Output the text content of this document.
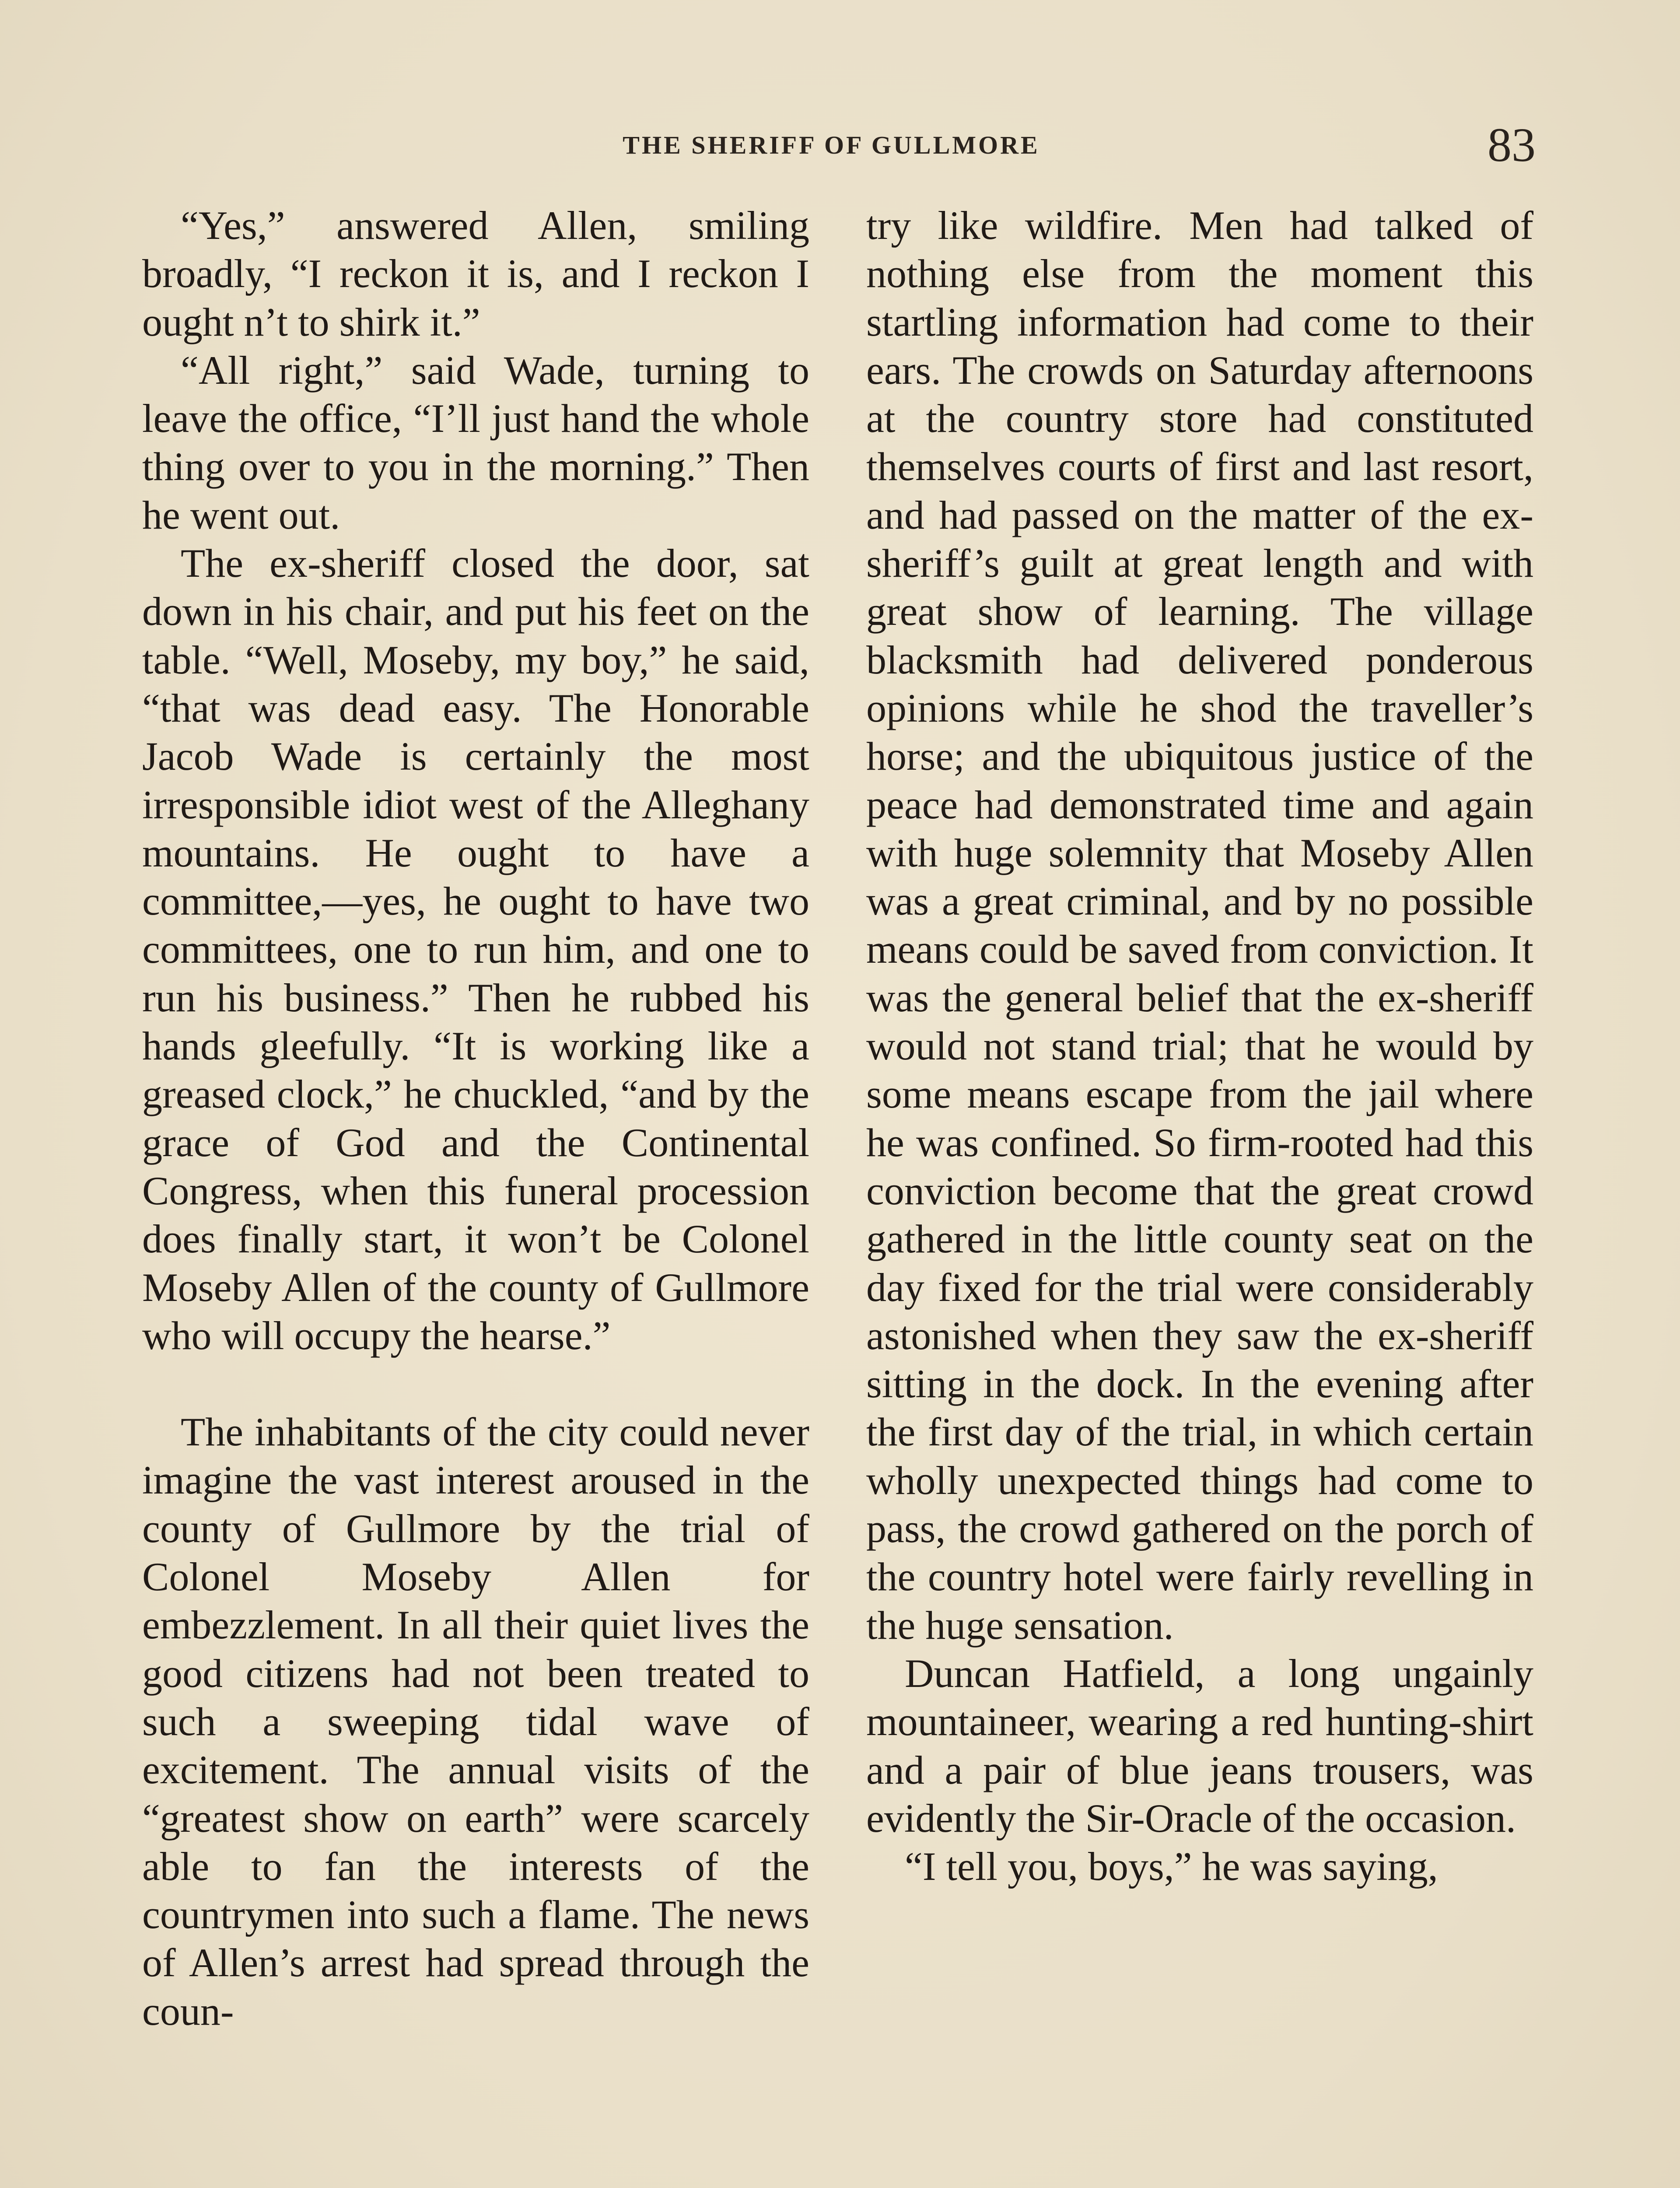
THE SHERIFF OF GULLMORE	83

“Yes,” answered Allen, smiling broadly, “I reckon it is, and I reckon I ought n’t to shirk it.”

“All right,” said Wade, turning to leave the office, “I’ll just hand the whole thing over to you in the morning.” Then he went out.

The ex-sheriff closed the door, sat down in his chair, and put his feet on the table. “Well, Moseby, my boy,” he said, “that was dead easy. The Honorable Jacob Wade is certainly the most irresponsible idiot west of the Alleghany mountains. He ought to have a committee,—yes, he ought to have two committees, one to run him, and one to run his business.” Then he rubbed his hands gleefully. “It is working like a greased clock,” he chuckled, “and by the grace of God and the Continental Congress, when this funeral procession does finally start, it won’t be Colonel Moseby Allen of the county of Gullmore who will occupy the hearse.”

The inhabitants of the city could never imagine the vast interest aroused in the county of Gullmore by the trial of Colonel Moseby Allen for embezzlement. In all their quiet lives the good citizens had not been treated to such a sweeping tidal wave of excitement. The annual visits of the “greatest show on earth” were scarcely able to fan the interests of the countrymen into such a flame. The news of Allen’s arrest had spread through the coun-

try like wildfire. Men had talked of nothing else from the moment this startling information had come to their ears. The crowds on Saturday afternoons at the country store had constituted themselves courts of first and last resort, and had passed on the matter of the ex-sheriff’s guilt at great length and with great show of learning. The village blacksmith had delivered ponderous opinions while he shod the traveller’s horse; and the ubiquitous justice of the peace had demonstrated time and again with huge solemnity that Moseby Allen was a great criminal, and by no possible means could be saved from conviction. It was the general belief that the ex-sheriff would not stand trial; that he would by some means escape from the jail where he was confined. So firm-rooted had this conviction become that the great crowd gathered in the little county seat on the day fixed for the trial were considerably astonished when they saw the ex-sheriff sitting in the dock. In the evening after the first day of the trial, in which certain wholly unexpected things had come to pass, the crowd gathered on the porch of the country hotel were fairly revelling in the huge sensation.

Duncan Hatfield, a long ungainly mountaineer, wearing a red hunting-shirt and a pair of blue jeans trousers, was evidently the Sir-Oracle of the occasion.

“I tell you, boys,” he was saying,
